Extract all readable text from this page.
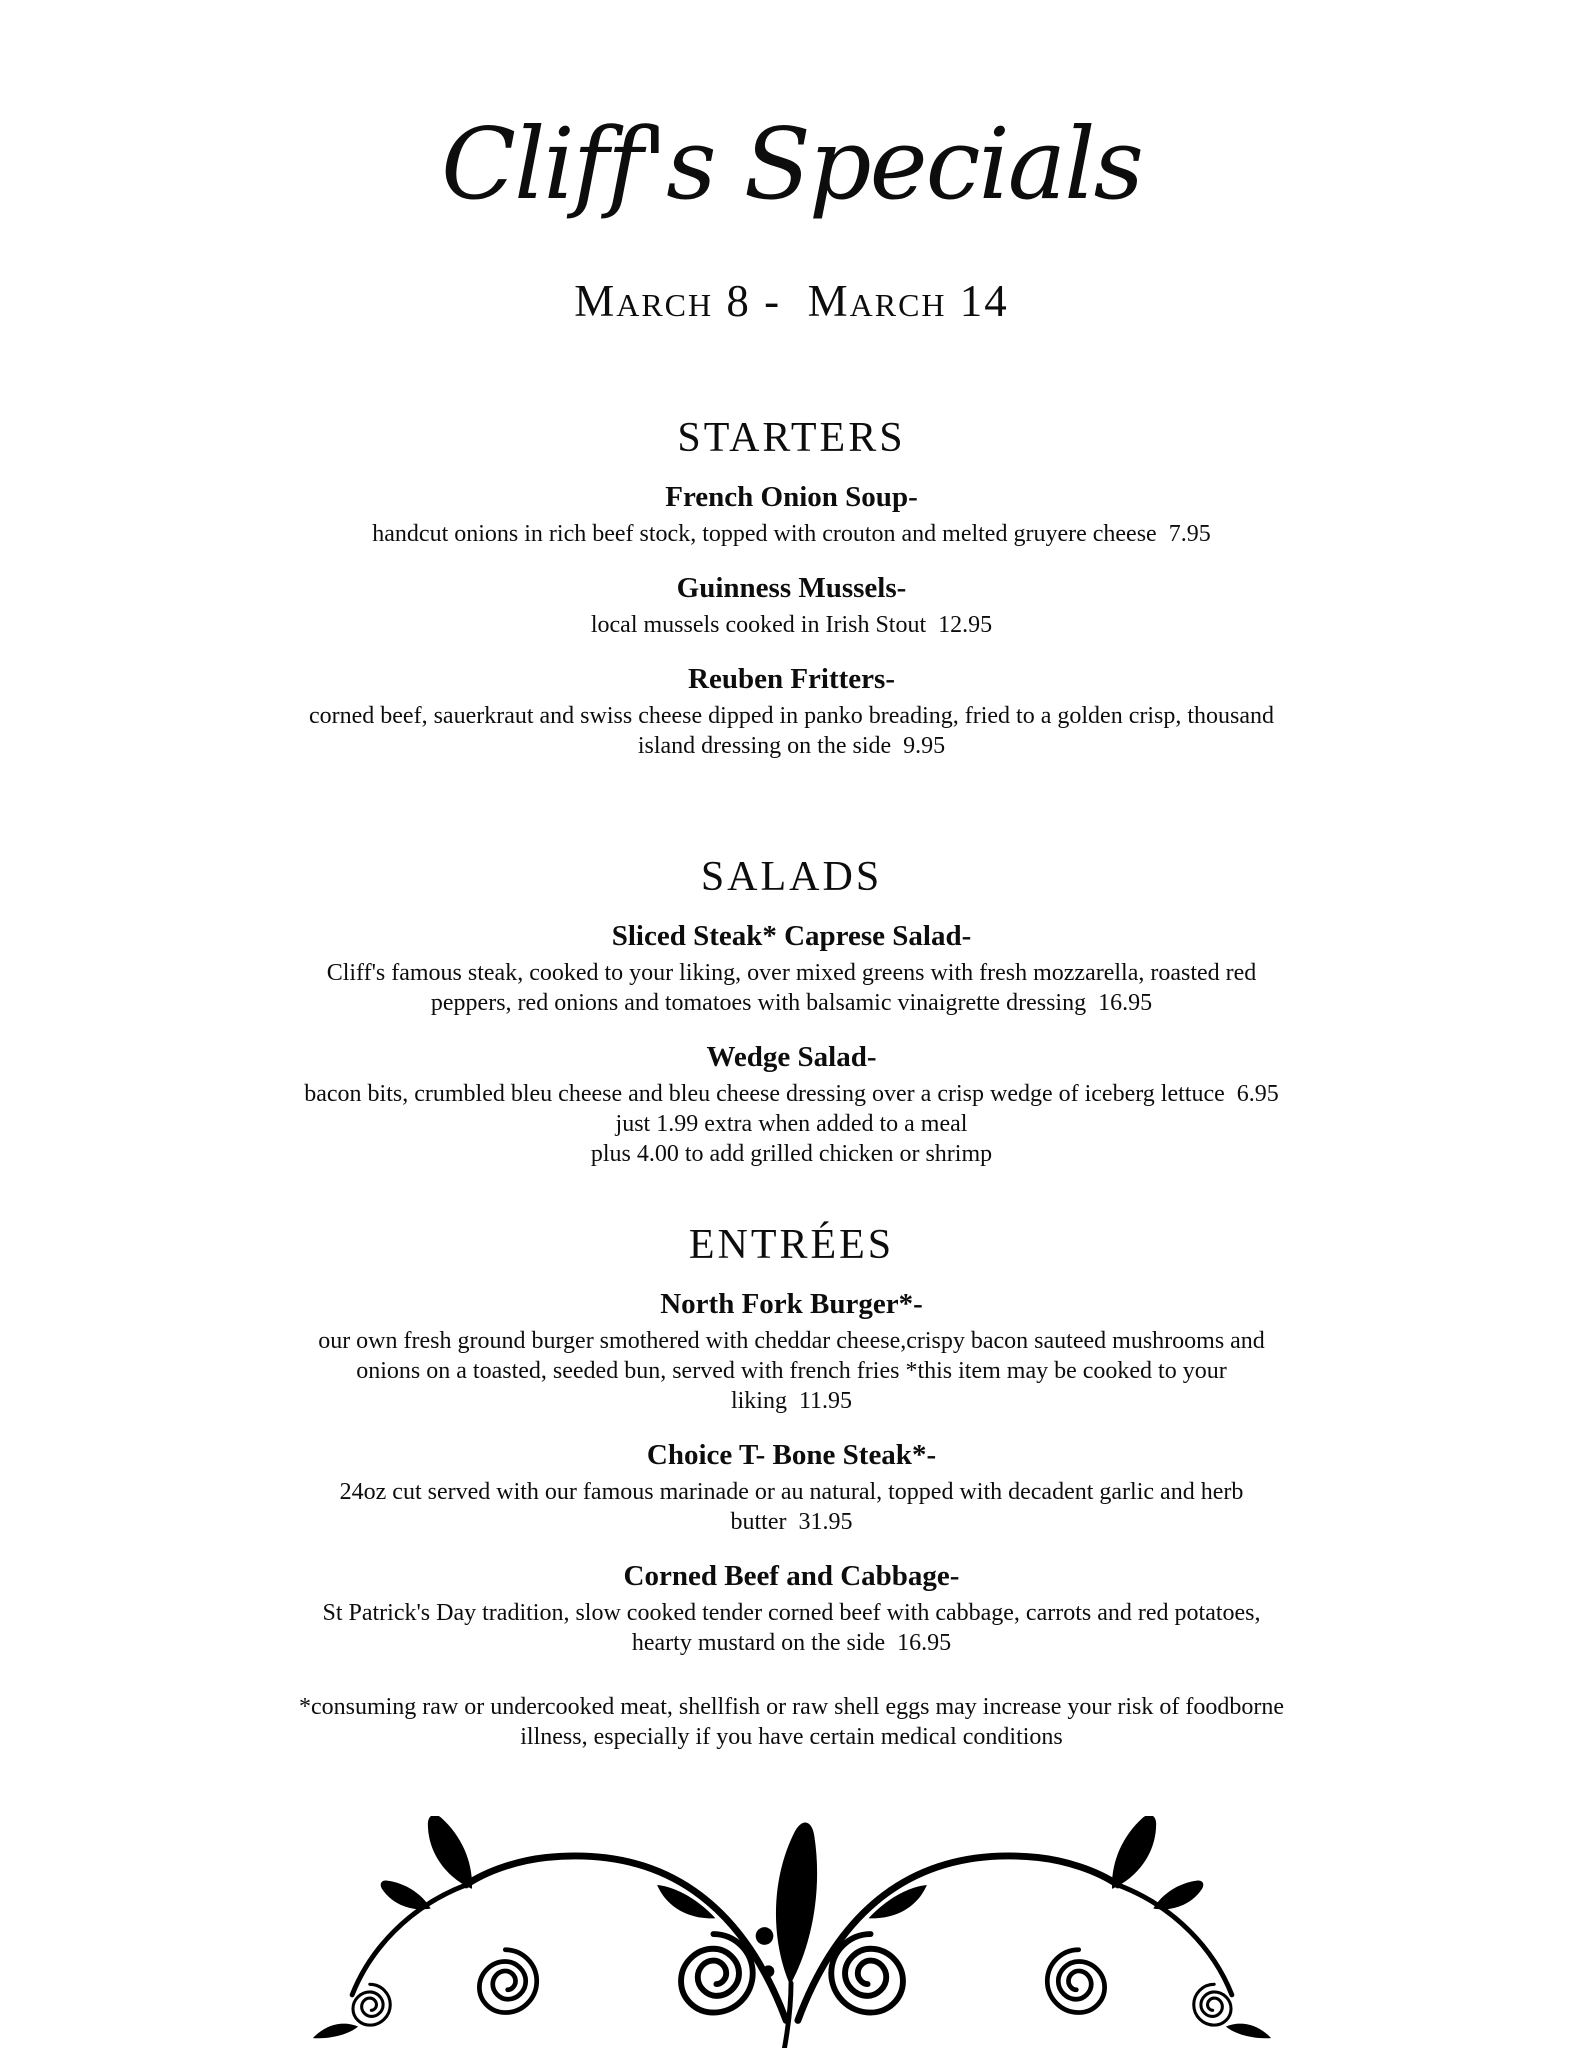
Cliff's Specials
March 8 -  March 14
STARTERS
French Onion Soup-
handcut onions in rich beef stock, topped with crouton and melted gruyere cheese  7.95
Guinness Mussels-
local mussels cooked in Irish Stout  12.95
Reuben Fritters-
corned beef, sauerkraut and swiss cheese dipped in panko breading, fried to a golden crisp, thousand
island dressing on the side  9.95
SALADS
Sliced Steak* Caprese Salad-
Cliff's famous steak, cooked to your liking, over mixed greens with fresh mozzarella, roasted red
peppers, red onions and tomatoes with balsamic vinaigrette dressing  16.95
Wedge Salad-
bacon bits, crumbled bleu cheese and bleu cheese dressing over a crisp wedge of iceberg lettuce  6.95
just 1.99 extra when added to a meal
plus 4.00 to add grilled chicken or shrimp
ENTRÉES
North Fork Burger*-
our own fresh ground burger smothered with cheddar cheese,crispy bacon sauteed mushrooms and
onions on a toasted, seeded bun, served with french fries *this item may be cooked to your
liking  11.95
Choice T- Bone Steak*-
24oz cut served with our famous marinade or au natural, topped with decadent garlic and herb
butter  31.95
Corned Beef and Cabbage-
St Patrick's Day tradition, slow cooked tender corned beef with cabbage, carrots and red potatoes,
hearty mustard on the side  16.95
*consuming raw or undercooked meat, shellfish or raw shell eggs may increase your risk of foodborne
illness, especially if you have certain medical conditions
